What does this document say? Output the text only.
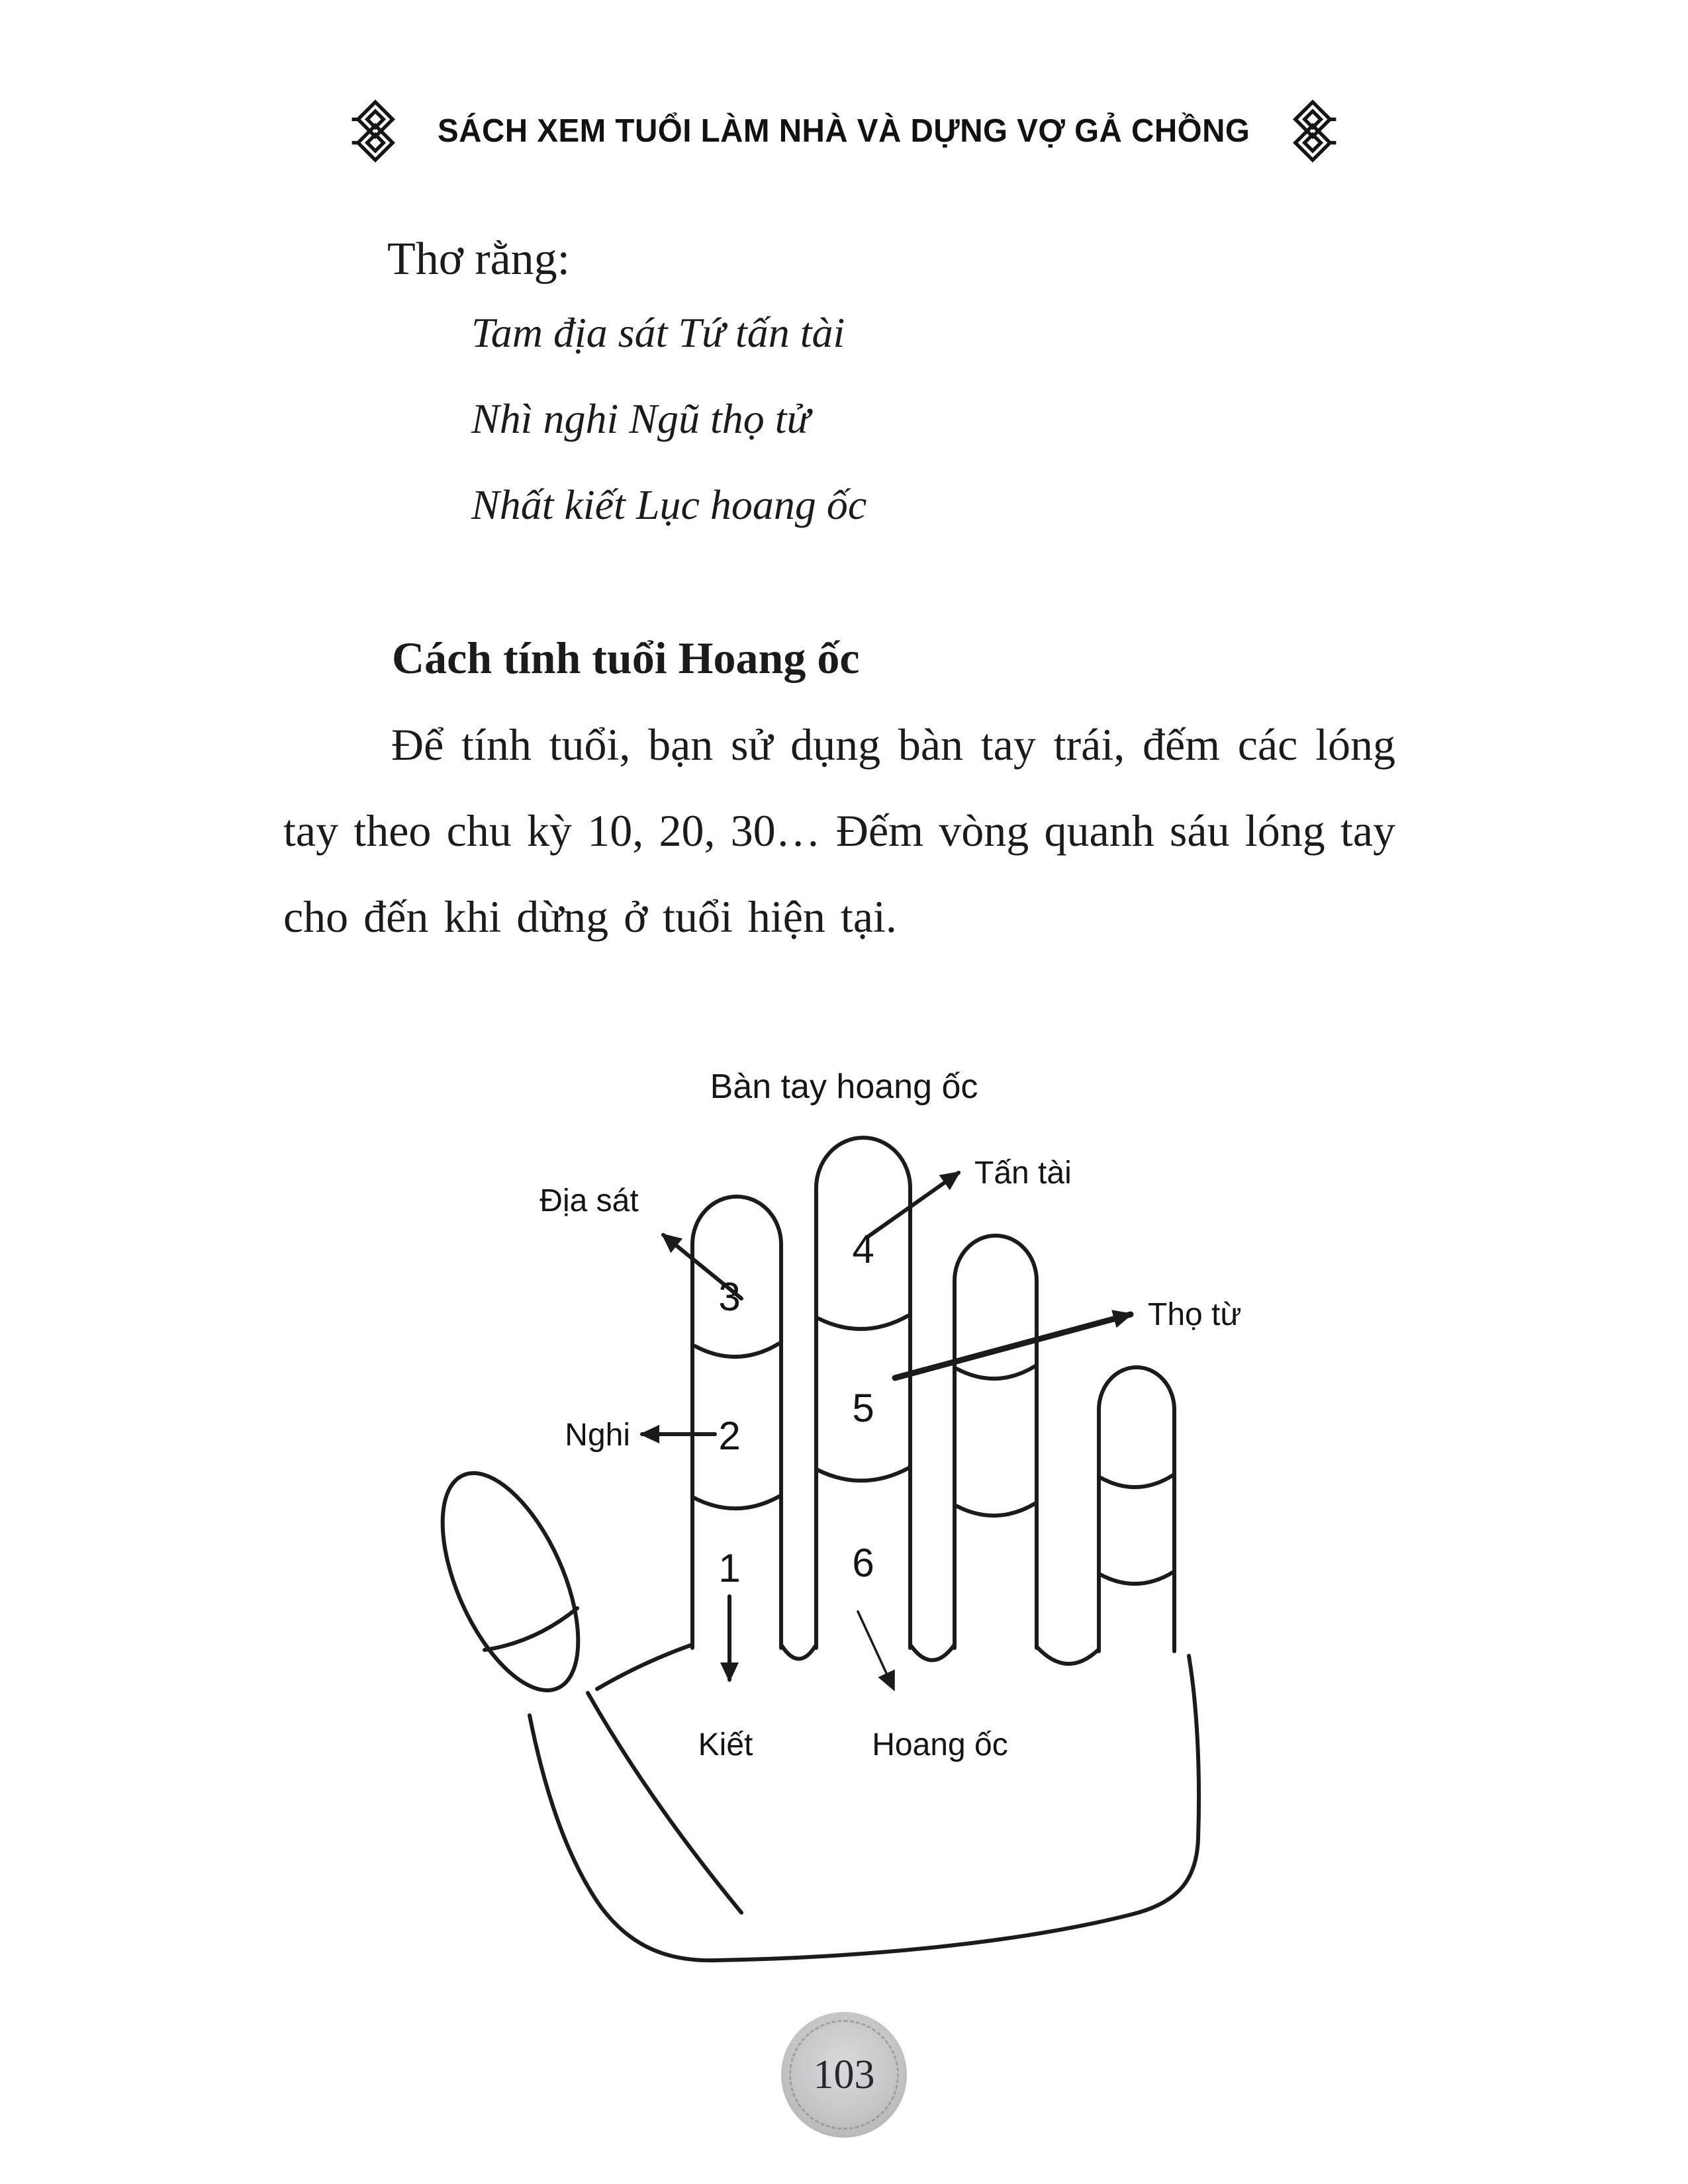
SÁCH XEM TUỔI LÀM NHÀ VÀ DỰNG VỢ GẢ CHỒNG
Thơ rằng:
Tam địa sát Tứ tấn tài
Nhì nghi Ngũ thọ tử
Nhất kiết Lục hoang ốc
Cách tính tuổi Hoang ốc

Để tính tuổi, bạn sử dụng bàn tay trái, đếm các lóng tay theo chu kỳ 10, 20, 30… Đếm vòng quanh sáu lóng tay cho đến khi dừng ở tuổi hiện tại.

Bàn tay hoang ốc
3
2
1
4
5
6
Địa sát
Tấn tài
Thọ từ
Nghi
Kiết	Hoang ốc
103
